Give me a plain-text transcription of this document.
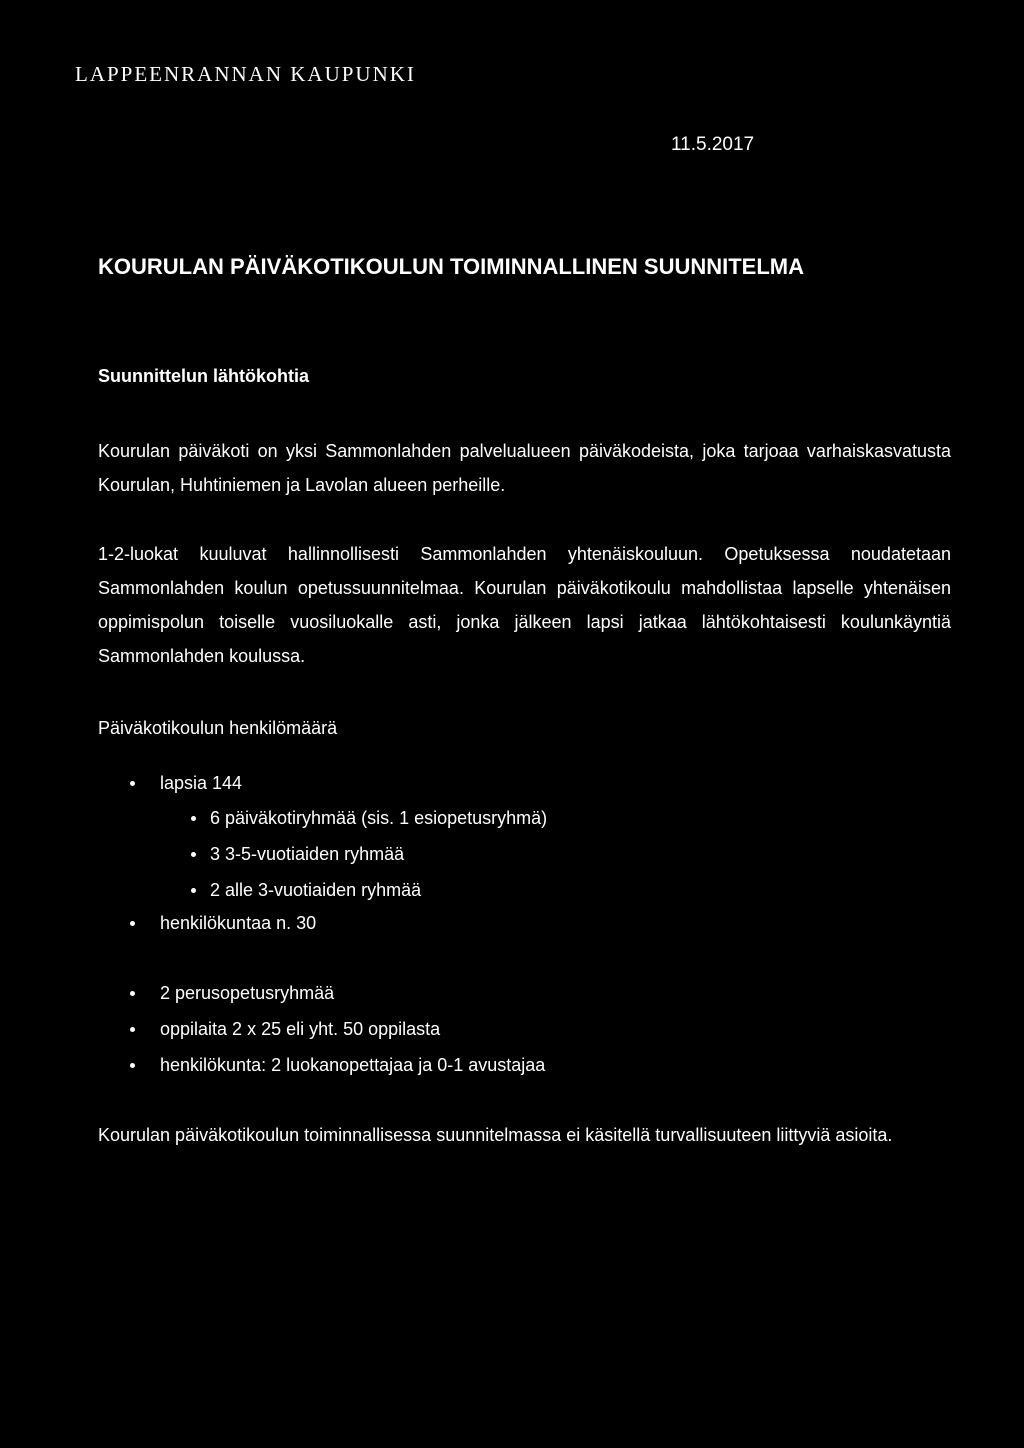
LAPPEENRANNAN KAUPUNKI

11.5.2017

KOURULAN PÄIVÄKOTIKOULUN TOIMINNALLINEN SUUNNITELMA
Suunnittelun lähtökohtia

Kourulan päiväkoti on yksi Sammonlahden palvelualueen päiväkodeista, joka tarjoaa varhaiskasvatusta Kourulan, Huhtiniemen ja Lavolan alueen perheille.

1-2-luokat kuuluvat hallinnollisesti Sammonlahden yhtenäiskouluun. Opetuksessa noudatetaan Sammonlahden koulun opetussuunnitelmaa. Kourulan päiväkotikoulu mahdollistaa lapselle yhtenäisen oppimispolun toiselle vuosiluokalle asti, jonka jälkeen lapsi jatkaa lähtökohtaisesti koulunkäyntiä Sammonlahden koulussa.

Päiväkotikoulun henkilömäärä

lapsia 144
6 päiväkotiryhmää (sis. 1 esiopetusryhmä)
3 3-5-vuotiaiden ryhmää
2 alle 3-vuotiaiden ryhmää
henkilökuntaa n. 30
2 perusopetusryhmää
oppilaita 2 x 25 eli yht. 50 oppilasta
henkilökunta: 2 luokanopettajaa ja 0-1 avustajaa

Kourulan päiväkotikoulun toiminnallisessa suunnitelmassa ei käsitellä turvallisuuteen liittyviä asioita.
